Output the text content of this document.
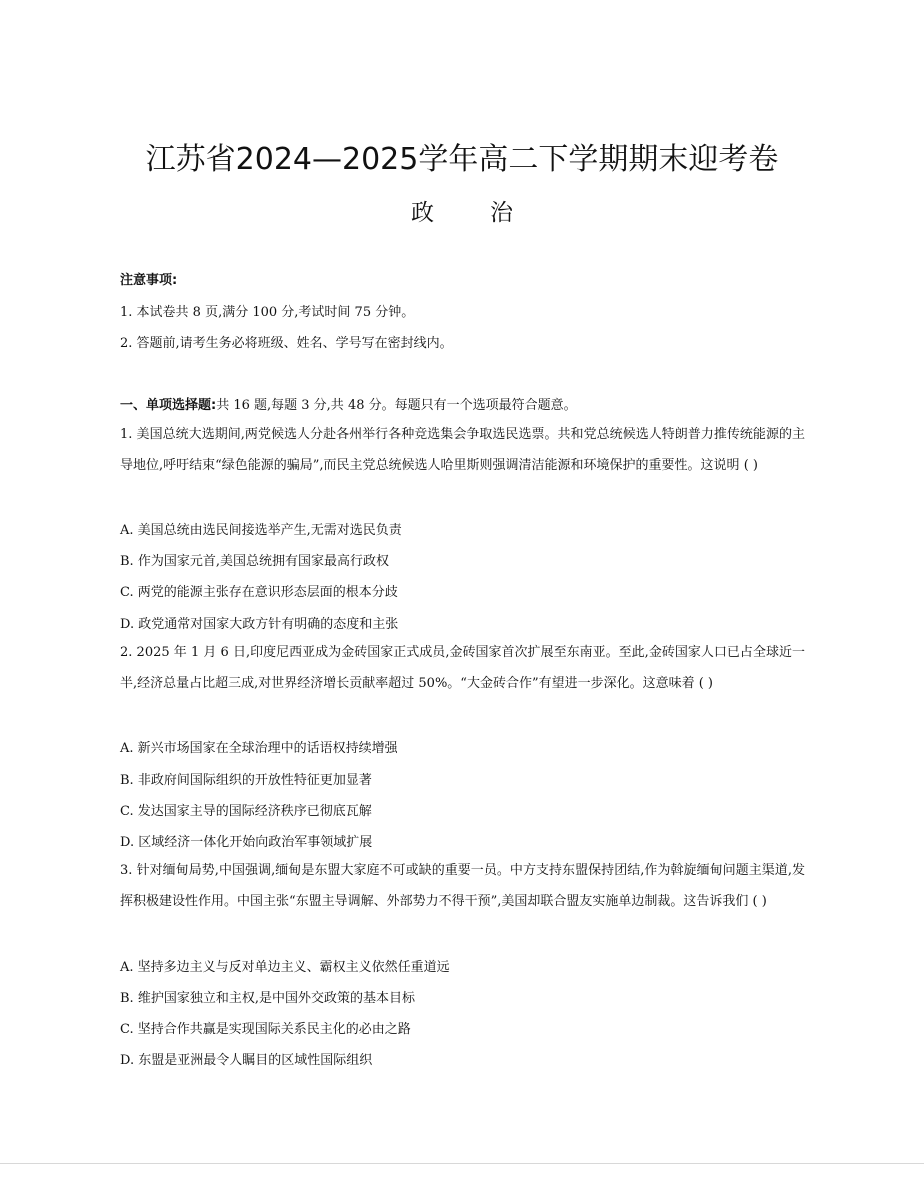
江苏省2024—2025学年高二下学期期末迎考卷
政 治
注意事项:
1. 本试卷共 8 页,满分 100 分,考试时间 75 分钟。
2. 答题前,请考生务必将班级、姓名、学号写在密封线内。
一、单项选择题:共 16 题,每题 3 分,共 48 分。每题只有一个选项最符合题意。
1. 美国总统大选期间,两党候选人分赴各州举行各种竞选集会争取选民选票。共和党总统候选人特朗普力推传统能源的主导地位,呼吁结束“绿色能源的骗局”,而民主党总统候选人哈里斯则强调清洁能源和环境保护的重要性。这说明 ( )
A. 美国总统由选民间接选举产生,无需对选民负责
B. 作为国家元首,美国总统拥有国家最高行政权
C. 两党的能源主张存在意识形态层面的根本分歧
D. 政党通常对国家大政方针有明确的态度和主张
2. 2025 年 1 月 6 日,印度尼西亚成为金砖国家正式成员,金砖国家首次扩展至东南亚。至此,金砖国家人口已占全球近一半,经济总量占比超三成,对世界经济增长贡献率超过 50%。“大金砖合作”有望进一步深化。这意味着 ( )
A. 新兴市场国家在全球治理中的话语权持续增强
B. 非政府间国际组织的开放性特征更加显著
C. 发达国家主导的国际经济秩序已彻底瓦解
D. 区域经济一体化开始向政治军事领域扩展
3. 针对缅甸局势,中国强调,缅甸是东盟大家庭不可或缺的重要一员。中方支持东盟保持团结,作为斡旋缅甸问题主渠道,发挥积极建设性作用。中国主张“东盟主导调解、外部势力不得干预”,美国却联合盟友实施单边制裁。这告诉我们 ( )
A. 坚持多边主义与反对单边主义、霸权主义依然任重道远
B. 维护国家独立和主权,是中国外交政策的基本目标
C. 坚持合作共赢是实现国际关系民主化的必由之路
D. 东盟是亚洲最令人瞩目的区域性国际组织
